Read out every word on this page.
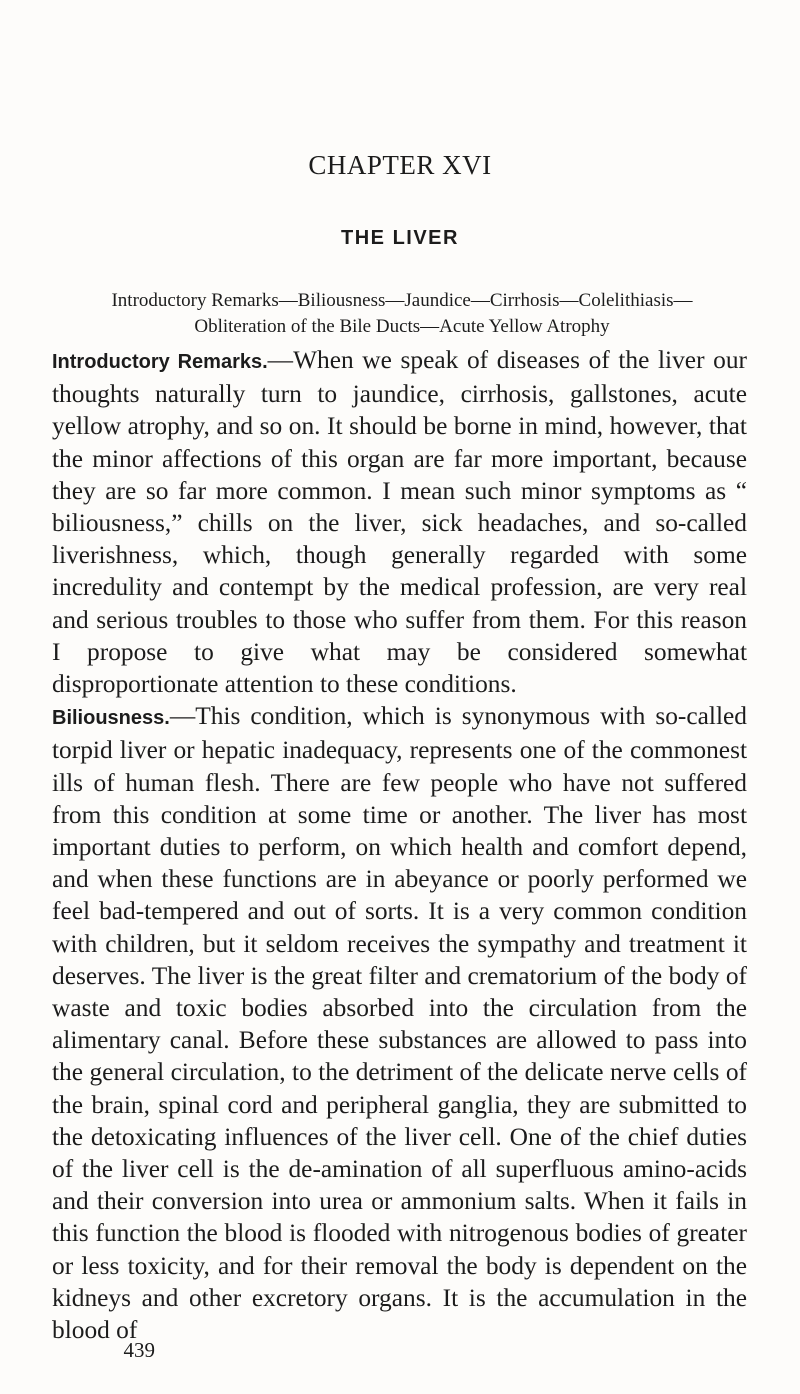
CHAPTER XVI
THE LIVER
Introductory Remarks—Biliousness—Jaundice—Cirrhosis—Colelithiasis—
Obliteration of the Bile Ducts—Acute Yellow Atrophy

Introductory Remarks.—When we speak of diseases of the liver our thoughts naturally turn to jaundice, cirrhosis, gallstones, acute yellow atrophy, and so on. It should be borne in mind, however, that the minor affections of this organ are far more important, because they are so far more common. I mean such minor symptoms as “ biliousness,” chills on the liver, sick headaches, and so-called liverishness, which, though generally regarded with some incredulity and contempt by the medical profession, are very real and serious troubles to those who suffer from them. For this reason I propose to give what may be considered somewhat disproportionate attention to these conditions.

Biliousness.—This condition, which is synonymous with so-called torpid liver or hepatic inadequacy, represents one of the commonest ills of human flesh. There are few people who have not suffered from this condition at some time or another. The liver has most important duties to perform, on which health and comfort depend, and when these functions are in abeyance or poorly performed we feel bad-tempered and out of sorts. It is a very common condition with children, but it seldom receives the sympathy and treatment it deserves. The liver is the great filter and crematorium of the body of waste and toxic bodies absorbed into the circulation from the alimentary canal. Before these substances are allowed to pass into the general circulation, to the detriment of the delicate nerve cells of the brain, spinal cord and peripheral ganglia, they are submitted to the detoxicating influences of the liver cell. One of the chief duties of the liver cell is the de-amination of all superfluous amino-acids and their conversion into urea or ammonium salts. When it fails in this function the blood is flooded with nitrogenous bodies of greater or less toxicity, and for their removal the body is dependent on the kidneys and other excretory organs. It is the accumulation in the blood of

439
